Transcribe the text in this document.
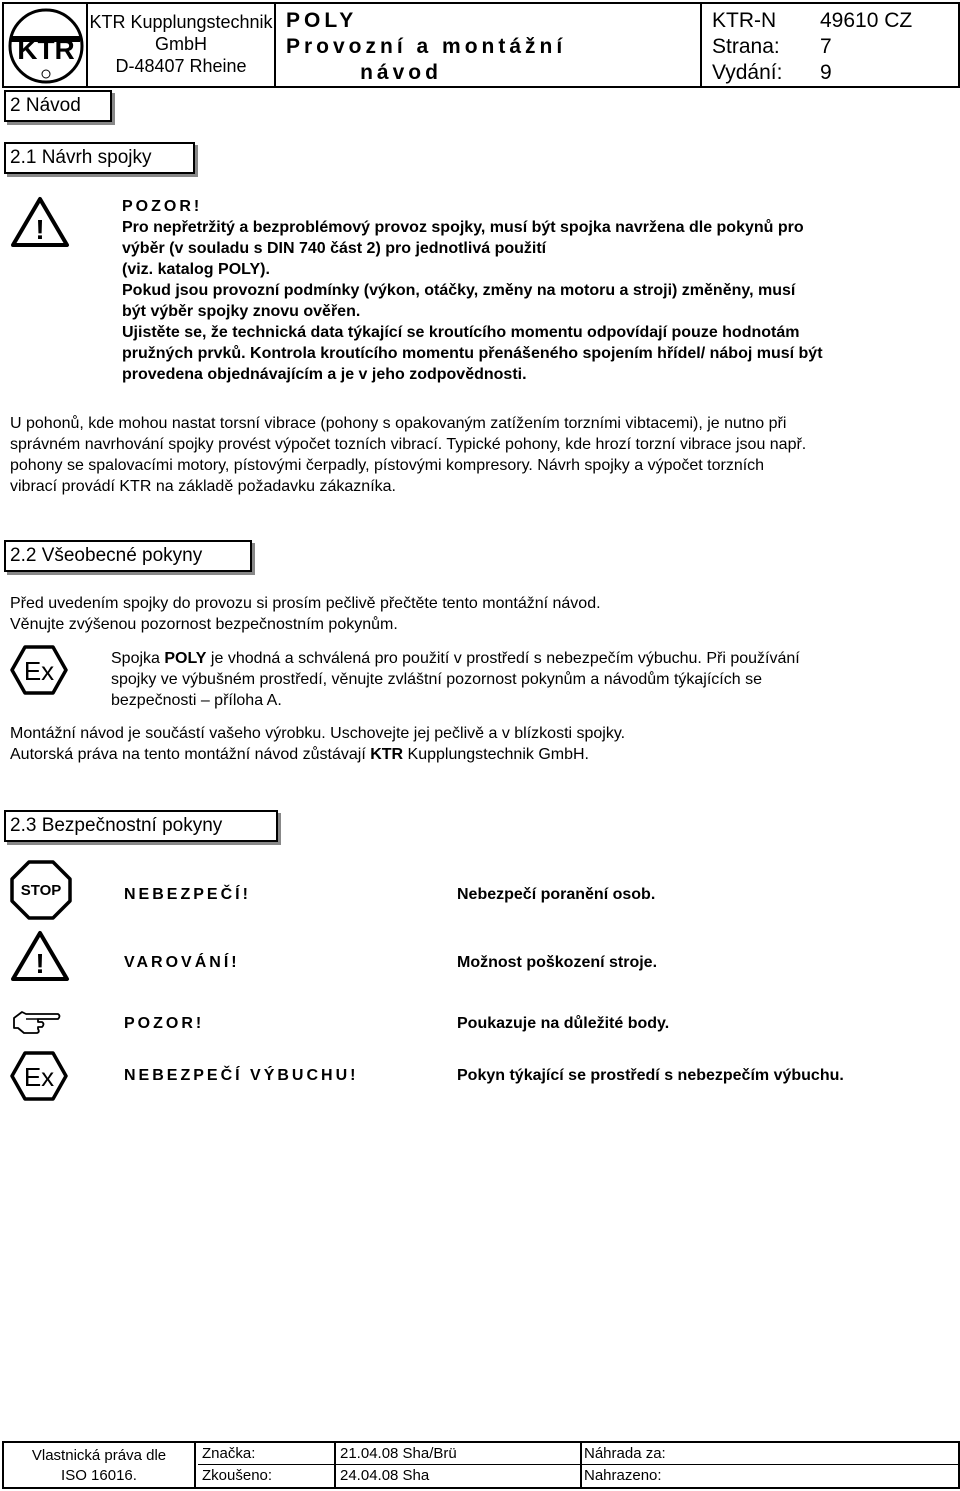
KTR
KTR Kupplungstechnik
GmbH
D-48407 Rheine
POLY
Provozní a montážní
návod
KTR-N 49610 CZ
Strana: 7
Vydání: 9
2 Návod
2.1 Návrh spojky
!
POZOR!
Pro nepřetržitý a bezproblémový provoz spojky, musí být spojka navržena dle pokynů pro
výběr (v souladu s DIN 740 část 2) pro jednotlivá použití
(viz. katalog POLY).
Pokud jsou provozní podmínky (výkon, otáčky, změny na motoru a stroji) změněny, musí
být výběr spojky znovu ověřen.
Ujistěte se, že technická data týkající se kroutícího momentu odpovídají pouze hodnotám
pružných prvků. Kontrola kroutícího momentu přenášeného spojením hřídel/ náboj musí být
provedena objednávajícím a je v jeho zodpovědnosti.
U pohonů, kde mohou nastat torsní vibrace (pohony s opakovaným zatížením torzními vibtacemi), je nutno při
správném navrhování spojky provést výpočet tozních vibrací. Typické pohony, kde hrozí torzní vibrace jsou např.
pohony se spalovacími motory, pístovými čerpadly, pístovými kompresory. Návrh spojky a výpočet torzních
vibrací provádí KTR na základě požadavku zákazníka.
2.2 Všeobecné pokyny
Před uvedením spojky do provozu si prosím pečlivě přečtěte tento montážní návod.
Věnujte zvýšenou pozornost bezpečnostním pokynům.
Ex	Spojka POLY je vhodná a schválená pro použití v prostředí s nebezpečím výbuchu. Při používání
spojky ve výbušném prostředí, věnujte zvláštní pozornost pokynům a návodům týkajících se
bezpečnosti – příloha A.
Montážní návod je součástí vašeho výrobku. Uschovejte jej pečlivě a v blízkosti spojky.
Autorská práva na tento montážní návod zůstávají KTR Kupplungstechnik GmbH.
2.3 Bezpečnostní pokyny
STOP	NEBEZPEČÍ!	Nebezpečí poranění osob.
!	VAROVÁNÍ!	Možnost poškození stroje.
POZOR!	Poukazuje na důležité body.
Ex	NEBEZPEČÍ VÝBUCHU!	Pokyn týkající se prostředí s nebezpečím výbuchu.
Vlastnická práva dle
ISO 16016.
Značka:	21.04.08 Sha/Brü	Náhrada za:
Zkoušeno:	24.04.08 Sha	Nahrazeno:
